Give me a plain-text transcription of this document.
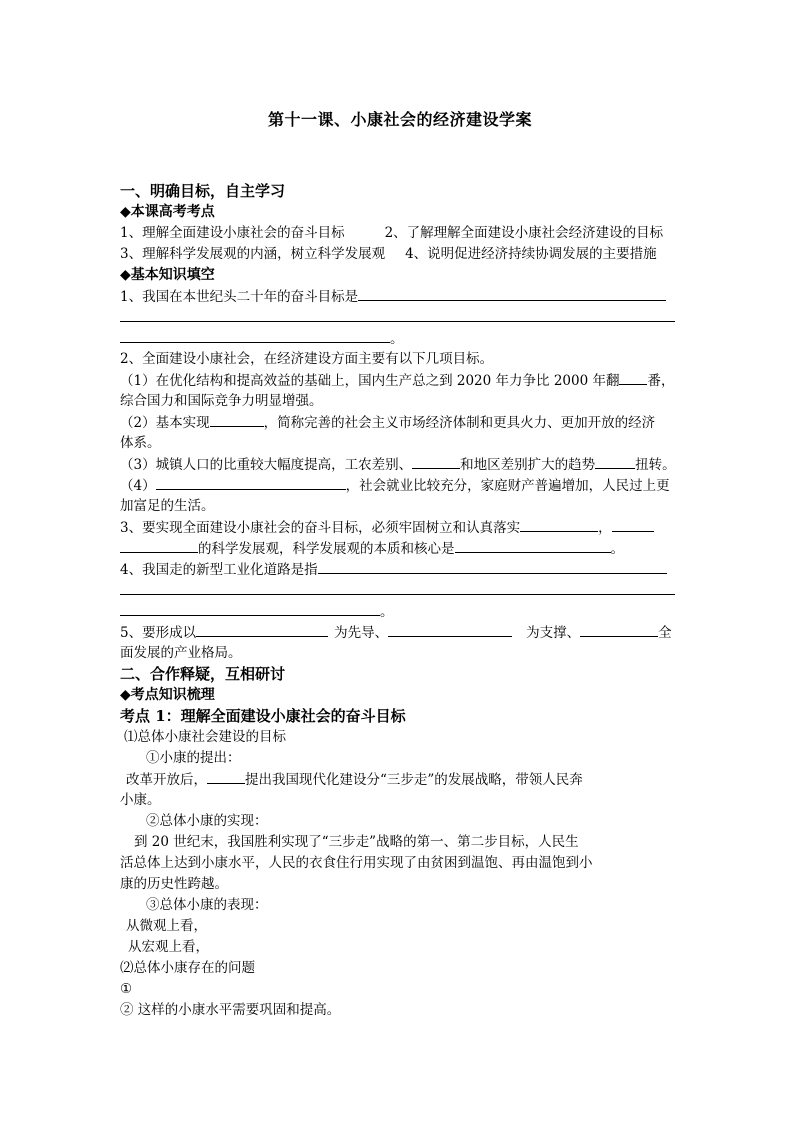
第十一课、小康社会的经济建设学案
一、明确目标，自主学习
◆本课高考考点
1、理解全面建设小康社会的奋斗目标	2、了解理解全面建设小康社会经济建设的目标
3、理解科学发展观的内涵，树立科学发展观 4、说明促进经济持续协调发展的主要措施
◆基本知识填空
1、我国在本世纪头二十年的奋斗目标是
。
2、全面建设小康社会，在经济建设方面主要有以下几项目标。
（1）在优化结构和提高效益的基础上，国内生产总之到 2020 年力争比 2000 年翻 番，
综合国力和国际竞争力明显增强。
（2）基本实现	，简称完善的社会主义市场经济体制和更具火力、更加开放的经济
体系。
（3）城镇人口的比重较大幅度提高，工农差别、	和地区差别扩大的趋势	扭转。
（4）	，社会就业比较充分，家庭财产普遍增加，人民过上更
加富足的生活。
3、要实现全面建设小康社会的奋斗目标，必须牢固树立和认真落实	，
的科学发展观，科学发展观的本质和核心是	。
4、我国走的新型工业化道路是指
。
5、要形成以	为先导、	为支撑、	全
面发展的产业格局。
二、合作释疑，互相研讨
◆考点知识梳理
考点 1：理解全面建设小康社会的奋斗目标
⑴总体小康社会建设的目标
①小康的提出：
改革开放后，	提出我国现代化建设分“三步走”的发展战略，带领人民奔
小康。
②总体小康的实现：
到 20 世纪末，我国胜利实现了“三步走”战略的第一、第二步目标，人民生
活总体上达到小康水平，人民的衣食住行用实现了由贫困到温饱、再由温饱到小
康的历史性跨越。
③总体小康的表现：
从微观上看，
从宏观上看，
⑵总体小康存在的问题
①
② 这样的小康水平需要巩固和提高。
